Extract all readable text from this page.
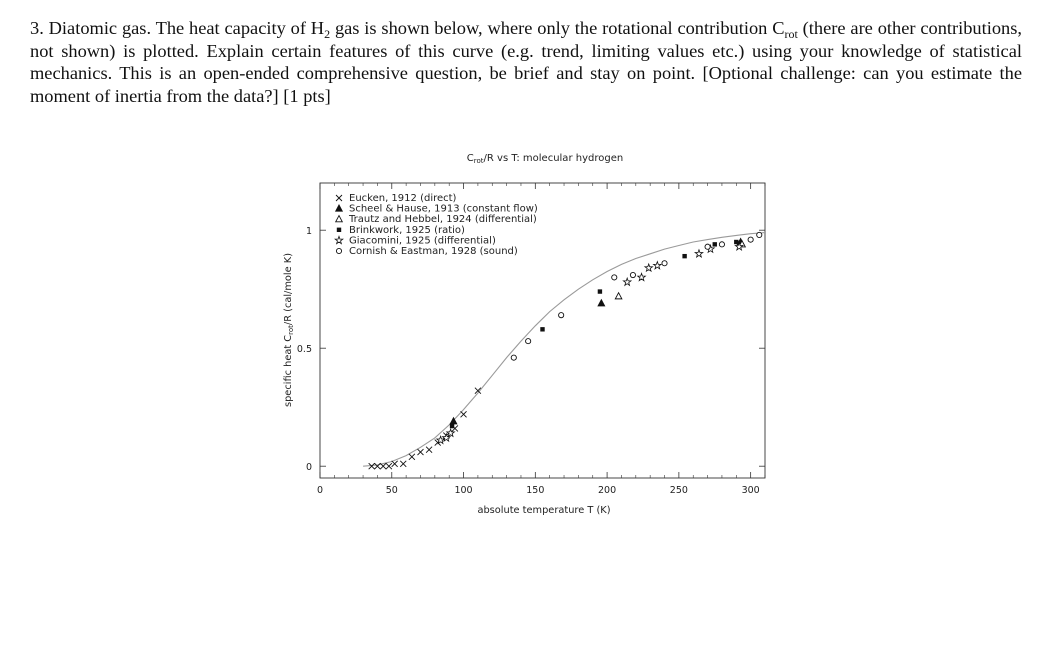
3. Diatomic gas. The heat capacity of $H_2$ gas is shown below, where only the rotational contribution $C_{rot}$ (there are other contributions, not shown) is plotted. Explain certain features of this curve (e.g. trend, limiting values etc.) using your knowledge of statistical mechanics. This is an open-ended comprehensive question, be brief and stay on point. [Optional challenge: can you estimate the moment of inertia from the data?] [1 pts]

$C_{rot}/R$ vs T: molecular hydrogen
0	50	100	150	200	250	300
0
0.5
1
absolute temperature T (K)
specific heat $C_{rot}/R$ (cal/mole K)
Eucken, 1912 (direct)
Scheel & Hause, 1913 (constant flow)
Trautz and Hebbel, 1924 (differential)
Brinkwork, 1925 (ratio)
Giacomini, 1925 (differential)
Cornish & Eastman, 1928 (sound)
